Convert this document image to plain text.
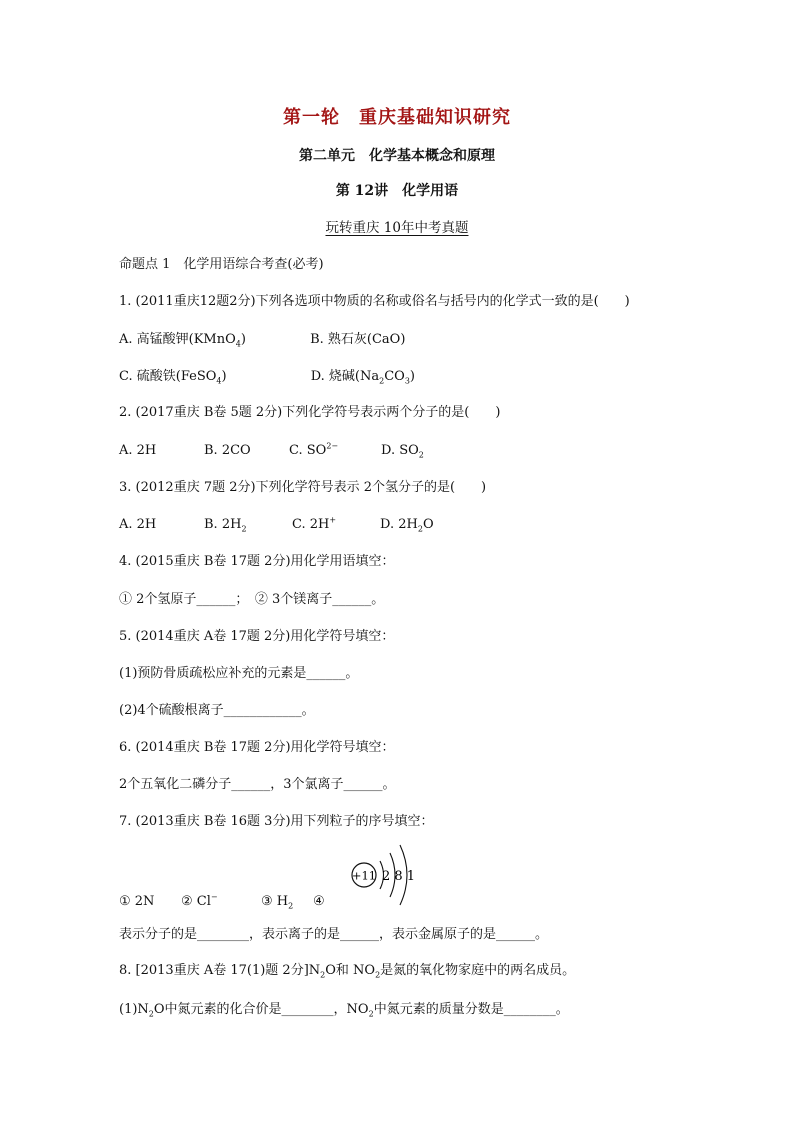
第一轮　重庆基础知识研究
第二单元　化学基本概念和原理
第 12讲　化学用语
玩转重庆 10年中考真题
命题点 1　化学用语综合考查(必考)
1. (2011重庆12题2分)下列各选项中物质的名称或俗名与括号内的化学式一致的是(　　)
A. 高锰酸钾(KMnO$_4$)	B. 熟石灰(CaO)
C. 硫酸铁(FeSO$_4$)	D. 烧碱$(Na_2CO_3)$
2. (2017重庆 B卷 5题 2分)下列化学符号表示两个分子的是(　　)
A. 2H	B. 2CO	C. $SO^{2-}$	D. $SO_2$
3. (2012重庆 7题 2分)下列化学符号表示 2个氢分子的是(　　)
A. 2H	B. $2H_2$	C. 2H+	D. $2H_2O$
4. (2015重庆 B卷 17题 2分)用化学用语填空：
① 2个氢原子______；　② 3个镁离子______。
5. (2014重庆 A卷 17题 2分)用化学符号填空：
(1)预防骨质疏松应补充的元素是______。
(2)4个硫酸根离子____________。
6. (2014重庆 B卷 17题 2分)用化学符号填空：
2个五氧化二磷分子______，3个氯离子______。
7. (2013重庆 B卷 16题 3分)用下列粒子的序号填空：
+11 2 8 1
① 2N ② Cl−	③ $H_2$ ④
表示分子的是________，表示离子的是______，表示金属原子的是______。
8. [2013重庆 A卷 17(1)题 2分]$N_2O$和 $NO_2$是氮的氧化物家庭中的两名成员。
$(1)N_2O$中氮元素的化合价是________，$NO_2$中氮元素的质量分数是________。
